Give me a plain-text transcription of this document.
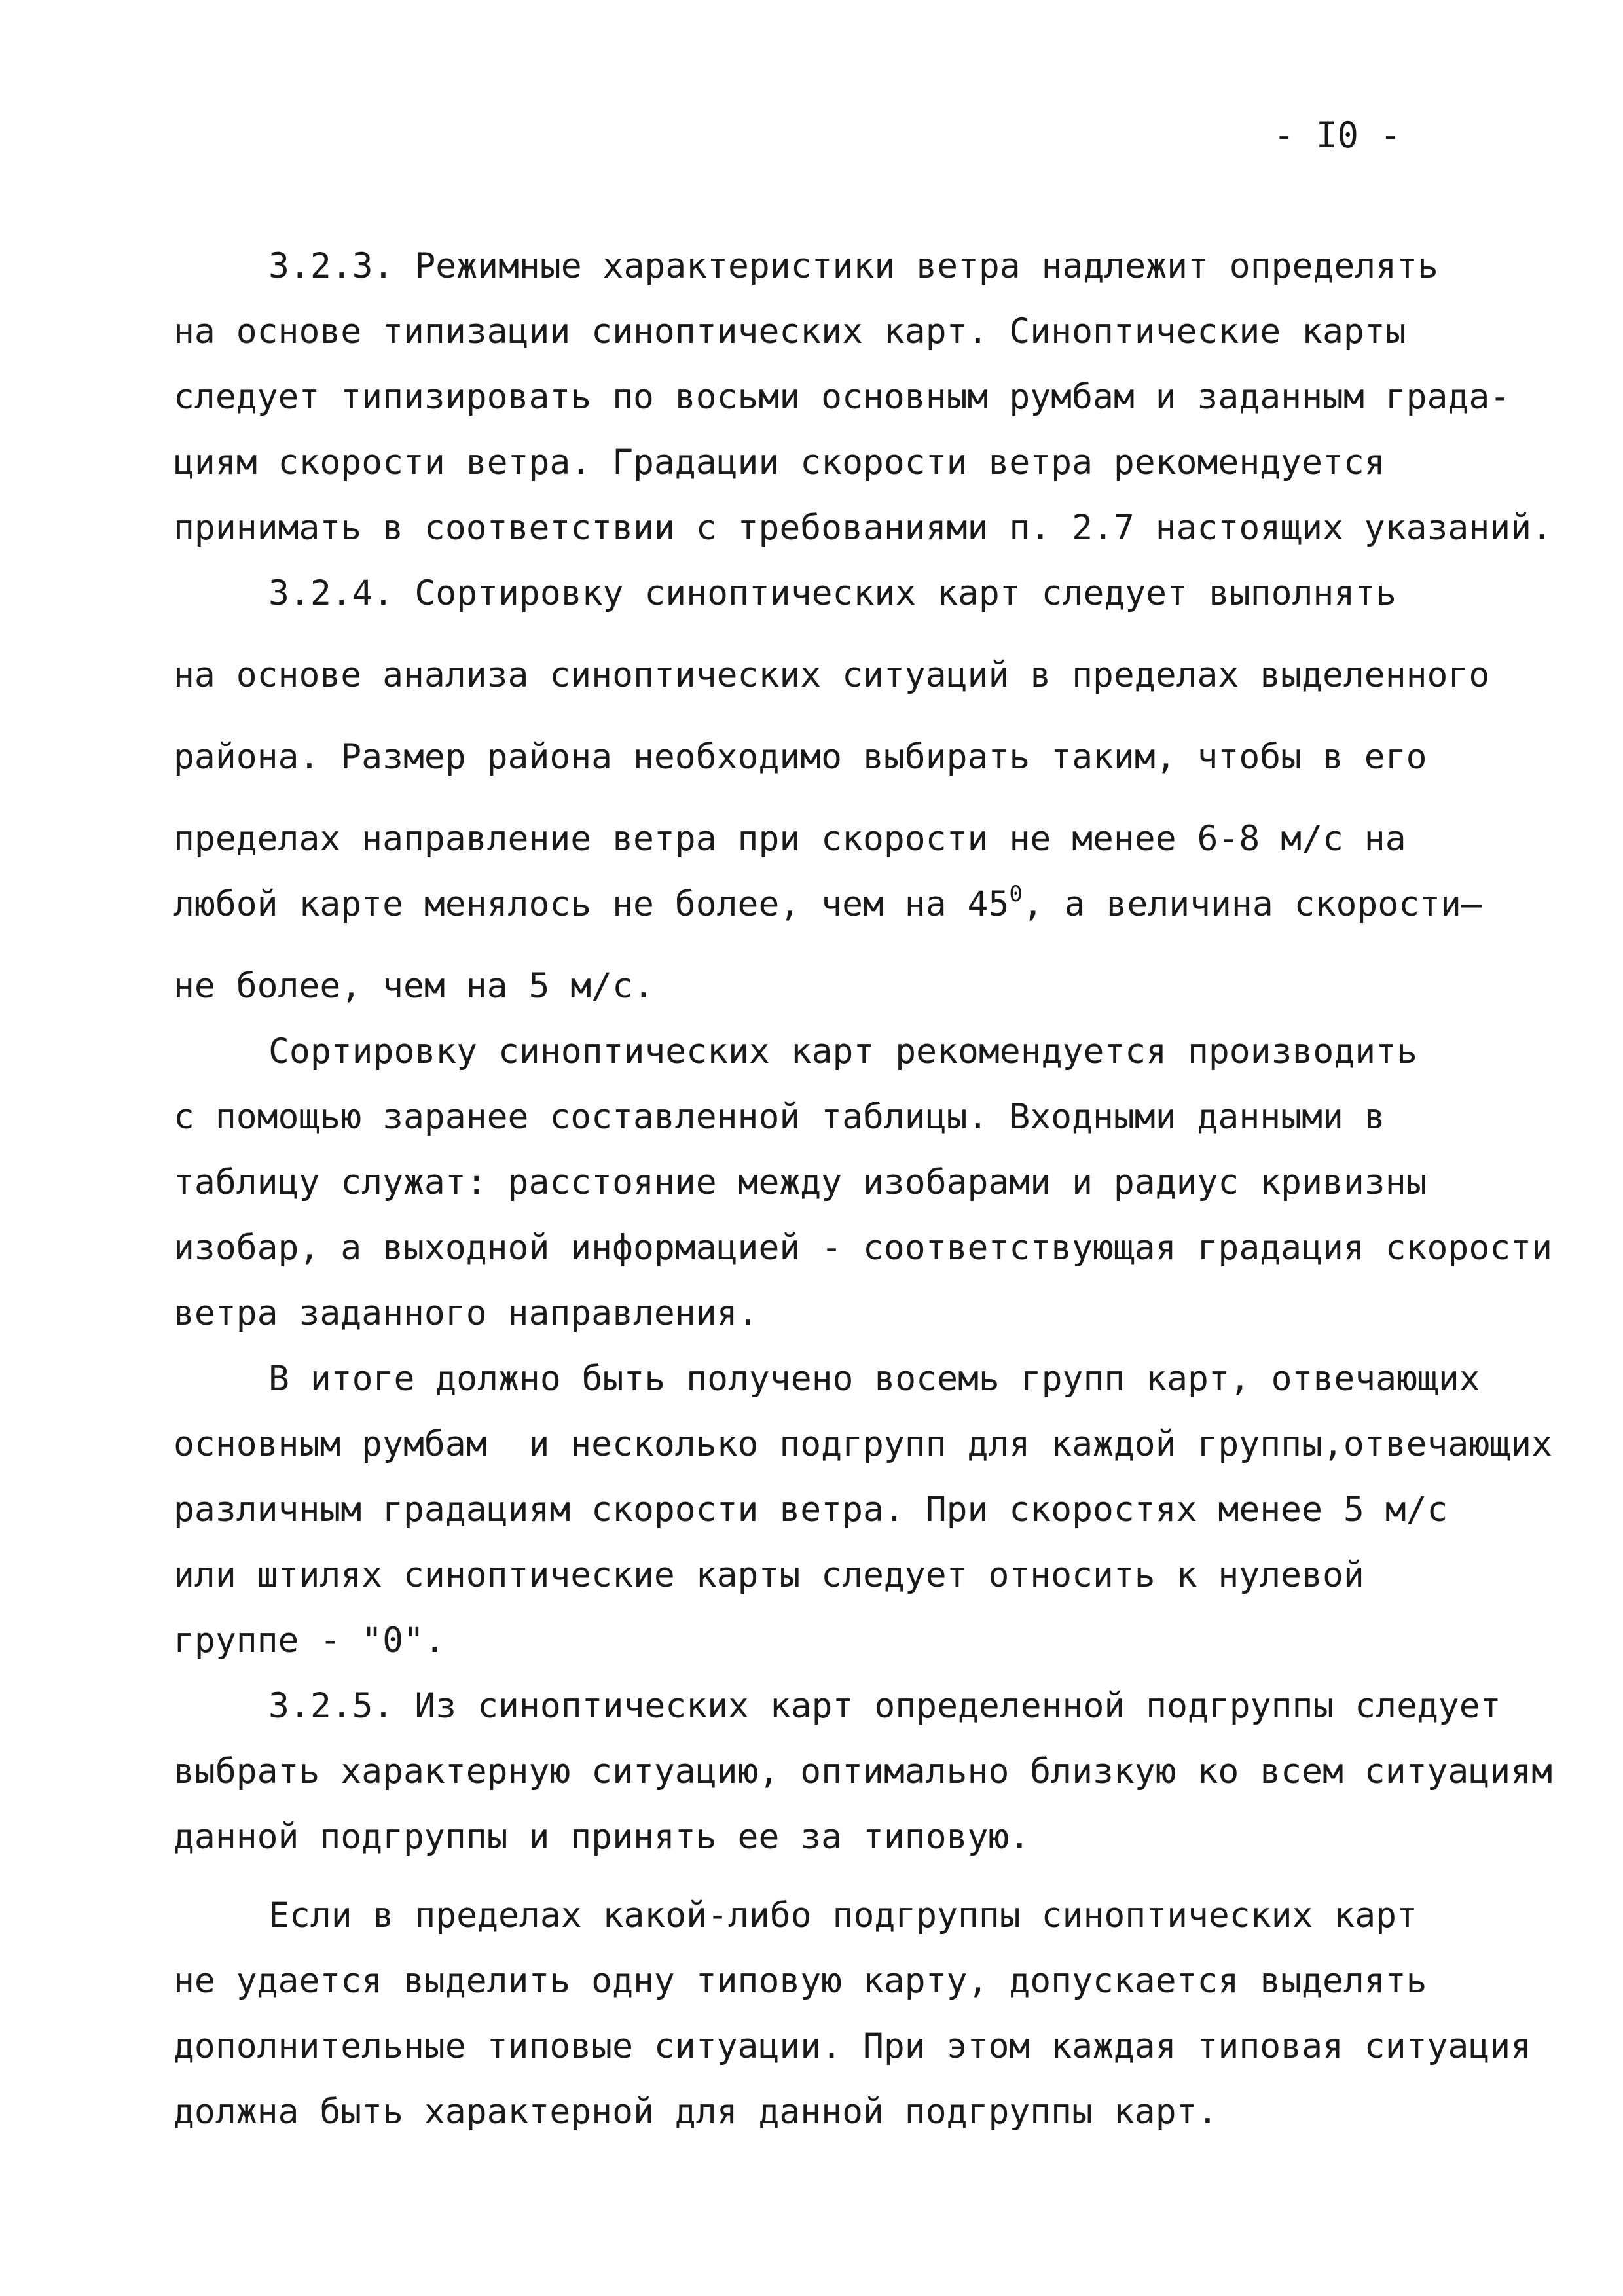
- I0 -
3.2.3. Режимные характеристики ветра надлежит определять
на основе типизации синоптических карт. Синоптические карты
следует типизировать по восьми основным румбам и заданным града-
циям скорости ветра. Градации скорости ветра рекомендуется
принимать в соответствии с требованиями п. 2.7 настоящих указаний.
3.2.4. Сортировку синоптических карт следует выполнять
на основе анализа синоптических ситуаций в пределах выделенного
района. Размер района необходимо выбирать таким, чтобы в его
пределах направление ветра при скорости не менее 6-8 м/с на
любой карте менялось не более, чем на $45^0$, а величина скорости—
не более, чем на 5 м/с.
Сортировку синоптических карт рекомендуется производить
с помощью заранее составленной таблицы. Входными данными в
таблицу служат: расстояние между изобарами и радиус кривизны
изобар, а выходной информацией - соответствующая градация скорости
ветра заданного направления.
В итоге должно быть получено восемь групп карт, отвечающих
основным румбам  и несколько подгрупп для каждой группы,отвечающих
различным градациям скорости ветра. При скоростях менее 5 м/с
или штилях синоптические карты следует относить к нулевой
группе - "0".
3.2.5. Из синоптических карт определенной подгруппы следует
выбрать характерную ситуацию, оптимально близкую ко всем ситуациям
данной подгруппы и принять ее за типовую.
Если в пределах какой-либо подгруппы синоптических карт
не удается выделить одну типовую карту, допускается выделять
дополнительные типовые ситуации. При этом каждая типовая ситуация
должна быть характерной для данной подгруппы карт.
